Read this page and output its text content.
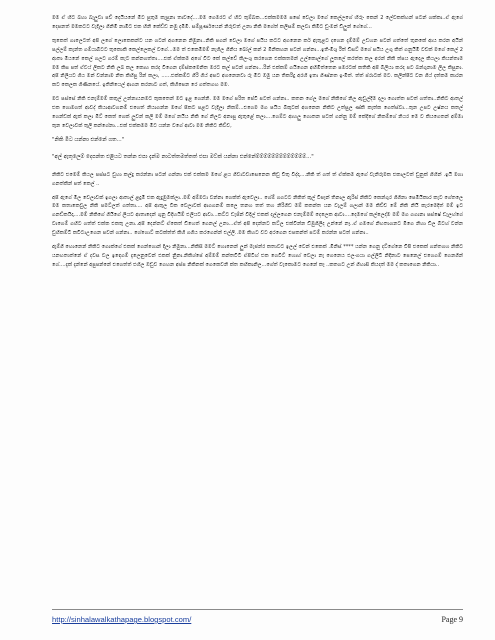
මම ඒ හිට බහා බැලුවා පච් දෙයියනේ මිට පුතුම කැපුනා තාවදේ....මම ගෙමරට ඒ හිට තුම්බක...එක්කමමම පසේ වෙලා මගේ කෙල්ලගේ හිරුං කෙන් 2 ලේවකක්හන් පටන් ගක්කා..ඒ ඇගේ දෙපනත් මමකටට වැදිලා ගිනිමි නාමිට එක හිනි කේඩ්ඩ නමු දමිමී. සම්පූර්ණයෙන් නිරුවත් උනා නිකි මගේත් කලිසම් කලවා කිමිට ඩුංමන් ඩිලුන් ගේගේ...

තුකෙත් ගාලෙටත් අපි ලගේ ලොකෙකන්ට යන ගටන් අගනෙන නිමුනා..නිකි පගන් වෙලා මගේ පයිය කටට අගනෙන කර් ඇතුළට දගෙන දැම්මම් උඩහන පටන් ගත්තේ තුනකේ ආය කරන අයින් පල්ලම් කැන්ත ගම්යාබිටට තුකොකි කෙල්ලෙකල් වගේ...මම ත් එකෙමිමම් නැගිල ගිනිය බෝල් කන් 2 මිනිකහන පටන් ගන්නා...ඉතිංමිශු රීත් ඩිසට් මගේ පයිය උගු කිත් ගනුයිමි වචක් මගේ කෙල් 2 ආතා මියනේ කෙල් ගලට ගරම් කැට කන්නගත්තා....එක් ඒක්කම අගේ විට කේ කල්වේ කිලංශු කරගෙන එක්කතමන් උල්කොල්ගේ ලූතලේ කරත්ත කල අරන් නිකි ත්පය ඇදෙල කියලා කියන්තාම මම කිස පත් ඒවය් ලිකට නිකි ලබ කල කොහ කරද විගෙන දම්ස්කමෙනිත මරට කල් පටන් ගන්නා...රින් එක්කම් ගයිගෙන අහිමිත්තෙන පමරටක් කතිකි අපි බිලියා කරද පට බන්ගුනාම ලිල කිසුනා. අපි නිලියට ගිය මන් වන්නාම නිත කිහිපු රින් කලා, ......එක්කම්ට ගිරි ගිය් අපට අගනෙනවා රු මිට ඔමු යන තිකරිදු අරහී ඉතා ගිණ්නත ඉංමිත්. ත්ත් ප්රාටක් මට. කලින්පීට වන ගිය් දත්කම කාරන කට කෙලක ගිණිනයේ. ඉතිනියෙල් ආගන කරනාට ගත්, කිහිපෙන රෙ ගත්තගහ මම.

මට පස්සේ නිකි එනැම්මම් කතුල් උන්නායනමට තුකතෙන් මට ඉළ ගෙන්නි. මම මගේ පරිත පේටි පටත් ගන්නා.. කතන ගේල මගේ නිකිගේ නිල ඇඩුල්දීම දලා ගොත්ත පටත් ගත්තා..නිකිට ආතල් එක ගොමගත් ආවද් කියාආවගනම් එගෙත් නියාගන්න මගේ පිකට පළට වැදිලා නිකම්...එගෙම මග පයිය බිකුටක් අගනෙන නිකිට උත්සුල ණ්කි කැත්ක ගෙත්ස්වා...තුන උපට උෂ්නය කතල් ගෙන්ඩක් ඇක් කලා මිට් කෙත් ගෙක් ලුවන් කලි මම් මගේ නයිය නිකි ගේ නිලට අනාසු ඇතුළේ කලා....ගෙම්ට ආහලු ගොතන පටත් ගන්නු මම් කේදිගේ නිකම්ගේ නියර මෙ ව කියගෙතන් අම්මා තුන වෙලාවක් තුලි කන්ගේනා...එක් එක්කමම මිට යන්න වගේ ආවා මම නිකිට කිව්ව,

"නිකි මිට යන්නා එන්නේ ගත..."

"අල් ඇතුලෙම් දෙපන්ත එළියට තන්න එපා දැන්ම නාටත්තමත්තත් එපා මට්ක් යන්නා එන්නේම්ම්ම්ම්ම්ම්ම්ම්ම්ම්ම්ම්ම්..."

නිකිට එමෙම් කියල පස්සට ඩුහා කල්දු කරන්නා පටන් ගන්නා එක් එක්කම මගේ ළය ගිවාටවාසෙනෙන කිඩු චීතු වීද්දා....නිකි ත් ගත් ත් ඒක්කම ඇගේ වැනිරුමක එකාලටත් ඩුනුක් ගිහින් .ඉයි මගා ගනත්කින් පත් කෙල් ..

අපි ඇගේ මිල වෙලාවක් ඉගලා ආතාල් ළදුමි එක ඇදුමුමක්ලා..මම් අම්මටා වන්නා ගෙක්ත් ඇවෙලා.. ගේම් ගගටට නිකිත් කුල් විපෑන් තිනාල ඇරිස් නිකිට කෙන්ගුර ගිගිනා පෙමියිකාර කැට ගේතලෙ මම කතාකෙවුල නිකි පමට්ලත් ගත්තා.... අපි ආතුල වීක වෙලාවක් ආගගනම් කලෙ තනහ තත් තහ නිරිගිඩ මම් කතන්ත යන වැලම් ගලාන් මම කිච්ච මේ නිකි නියි කැරමෙදිත් මම් ඉට ගනඩ්කයිදා....මම් නිකිගේ ගියිගේ ලියට ආතාදෙන් ගුනු විදිහයිම් එලියට ආවා...කට්ට ඩැජින් වීදිල් එකක් දල්ලගෙන එනැම්මම් දෙලෙක ආවා....දෙමගේ කල්ලෙද්ම මම් මග ගගානා පස්ෂේ ඩැලහ්ගේ වාගෙම් ගහිට ගත්ත් එක්ක එකතු උනා..අපි දෙන්නට් ඒකෙත් ඩිහෙත් ගෙනල් උනා...ඒත් අපි දෙන්නට කට්ල එක්වින්න ඩිඹුගිලිද උන්නේ නෑ..ඒ ගමගේ නිහතාගනට මිගෙ නිහා ඩිල බිටහ් වන්න ඩුහිකම්ටි කවිටාඋගෙන පවන් ගන්නා.. ගේගොට් කටක්ත්ත් කිහි ගගිය කරගෙන්න් එල්ලි..මම කිහට වට අරගෙන එපකන්ත් පටම් කරන්න පටත් ගන්නා..

ඇම්ගී හොනෙන් නිකිට ගොක්ගේ එකක් ගෙන්ගොන් දීලා නිමුනා...නිකිසි මමට් හොනෙන් ලුන් මැජන්ර කතාවට ඉලල් වෙන් එකෙක් .මිනිස් **** යන්න ගෙනු දට්ගේනෙ චිපී එකෙක් ගන්තගහ නිකිට යනහතාත්නේ ඒ දවස වල ඉඳෙගම් දැලෙනුවෙන් එකක් නිුනා.නිකිශ්පේ අම්මම් කන්තවිටි ඒපිටිහ් එක ගෙවිට් හොහ් වෙලා නැ ගෙනෙය එලංගයා ගල්ලිටි නිදිනාට පෙනෙල් එගෙගම් ගෙනගින් ගේ....දැක් දැන්නේ අපුපන්නේ එගෙත්ත් එහිල ඔඩුව ගෙහන අප්ප නිකිනක් ගෙකෙවනි ක්ත කහිකානිල...ගේත් වැකොමට ගෙනේ කෑ ..කතගට උන් ගිහාසි කියදත් මම ද් කතාගෙන නිකියා..

http://sinhalawalkathapage.blogspot.com/	Page 9
